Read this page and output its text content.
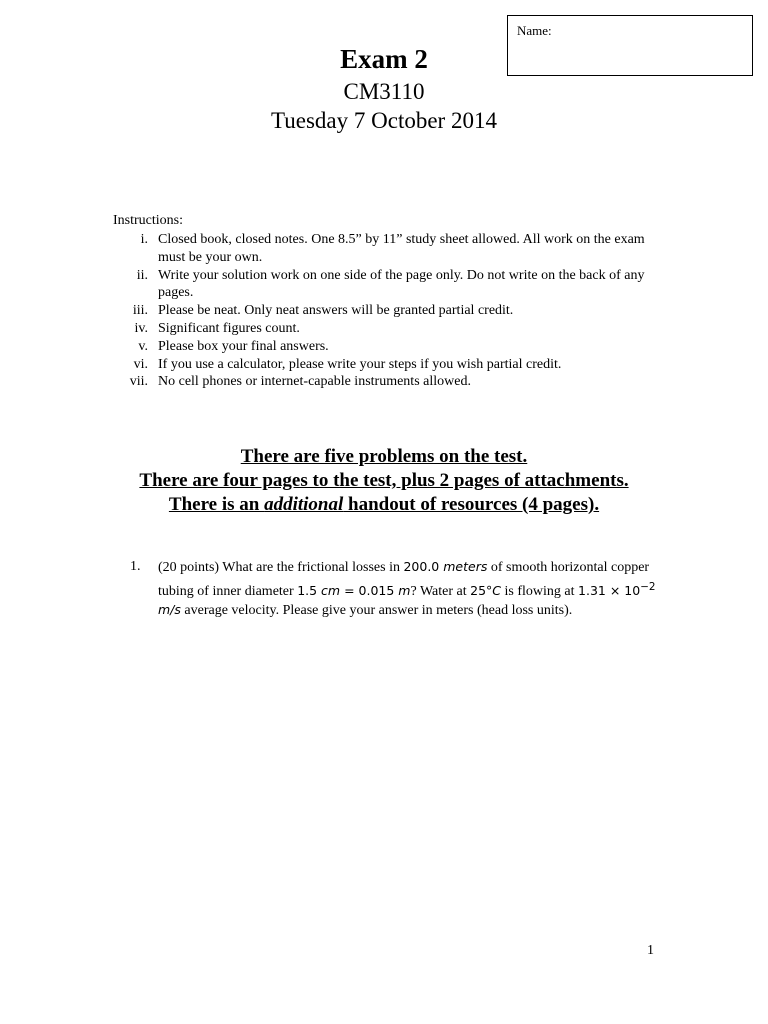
Name:
Exam 2
CM3110
Tuesday 7 October 2014
Instructions:
i. Closed book, closed notes. One 8.5” by 11” study sheet allowed. All work on the exam must be your own.
ii. Write your solution work on one side of the page only. Do not write on the back of any pages.
iii. Please be neat. Only neat answers will be granted partial credit.
iv. Significant figures count.
v. Please box your final answers.
vi. If you use a calculator, please write your steps if you wish partial credit.
vii. No cell phones or internet-capable instruments allowed.
There are five problems on the test.
There are four pages to the test, plus 2 pages of attachments.
There is an additional handout of resources (4 pages).
1.	(20 points) What are the frictional losses in 200.0 meters of smooth horizontal copper tubing of inner diameter 1.5 cm = 0.015 m? Water at 25°C is flowing at $1.31 \times 10^{-2}$ m/s average velocity. Please give your answer in meters (head loss units).
1
